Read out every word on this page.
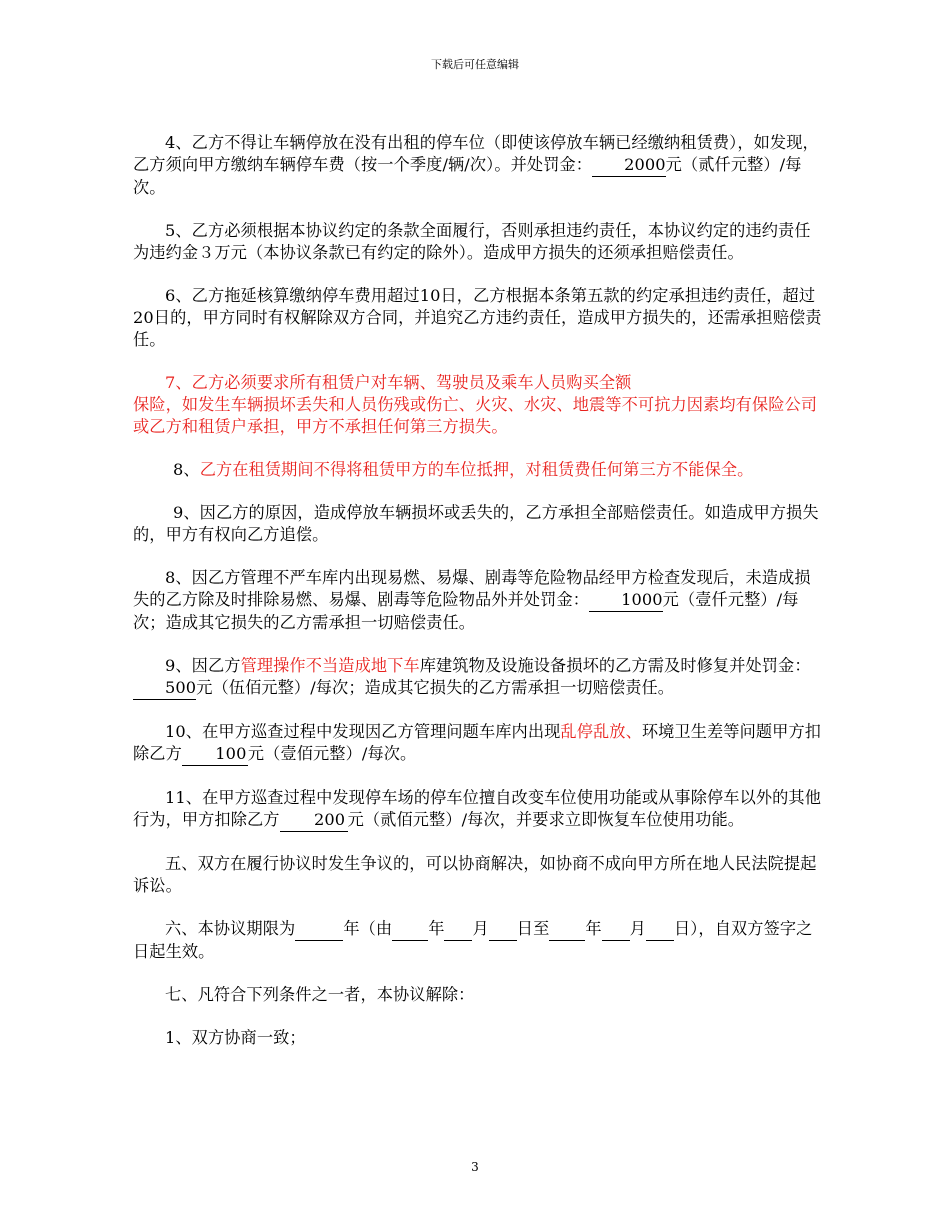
下载后可任意编辑

4、乙方不得让车辆停放在没有出租的停车位（即使该停放车辆已经缴纳租赁费），如发现，乙方须向甲方缴纳车辆停车费（按一个季度/辆/次）。并处罚金： 2000元（贰仟元整）/每次。

5、乙方必须根据本协议约定的条款全面履行，否则承担违约责任，本协议约定的违约责任为违约金３万元（本协议条款已有约定的除外）。造成甲方损失的还须承担赔偿责任。

6、乙方拖延核算缴纳停车费用超过10日，乙方根据本条第五款的约定承担违约责任，超过20日的，甲方同时有权解除双方合同，并追究乙方违约责任，造成甲方损失的，还需承担赔偿责任。

7、乙方必须要求所有租赁户对车辆、驾驶员及乘车人员购买全额
保险，如发生车辆损坏丢失和人员伤残或伤亡、火灾、水灾、地震等不可抗力因素均有保险公司或乙方和租赁户承担，甲方不承担任何第三方损失。

8、乙方在租赁期间不得将租赁甲方的车位抵押，对租赁费任何第三方不能保全。

9、因乙方的原因，造成停放车辆损坏或丢失的，乙方承担全部赔偿责任。如造成甲方损失的，甲方有权向乙方追偿。

8、因乙方管理不严车库内出现易燃、易爆、剧毒等危险物品经甲方检查发现后，未造成损失的乙方除及时排除易燃、易爆、剧毒等危险物品外并处罚金： 1000元（壹仟元整）/每次；造成其它损失的乙方需承担一切赔偿责任。

9、因乙方管理操作不当造成地下车库建筑物及设施设备损坏的乙方需及时修复并处罚金：500元（伍佰元整）/每次；造成其它损失的乙方需承担一切赔偿责任。

10、在甲方巡查过程中发现因乙方管理问题车库内出现乱停乱放、环境卫生差等问题甲方扣除乙方 100元（壹佰元整）/每次。

11、在甲方巡查过程中发现停车场的停车位擅自改变车位使用功能或从事除停车以外的其他行为，甲方扣除乙方 200 元（贰佰元整）/每次，并要求立即恢复车位使用功能。

五、双方在履行协议时发生争议的，可以协商解决，如协商不成向甲方所在地人民法院提起诉讼。

六、本协议期限为	年（由 年 月 日至 年 月 日），自双方签字之日起生效。

七、凡符合下列条件之一者，本协议解除：

1、双方协商一致；

3
